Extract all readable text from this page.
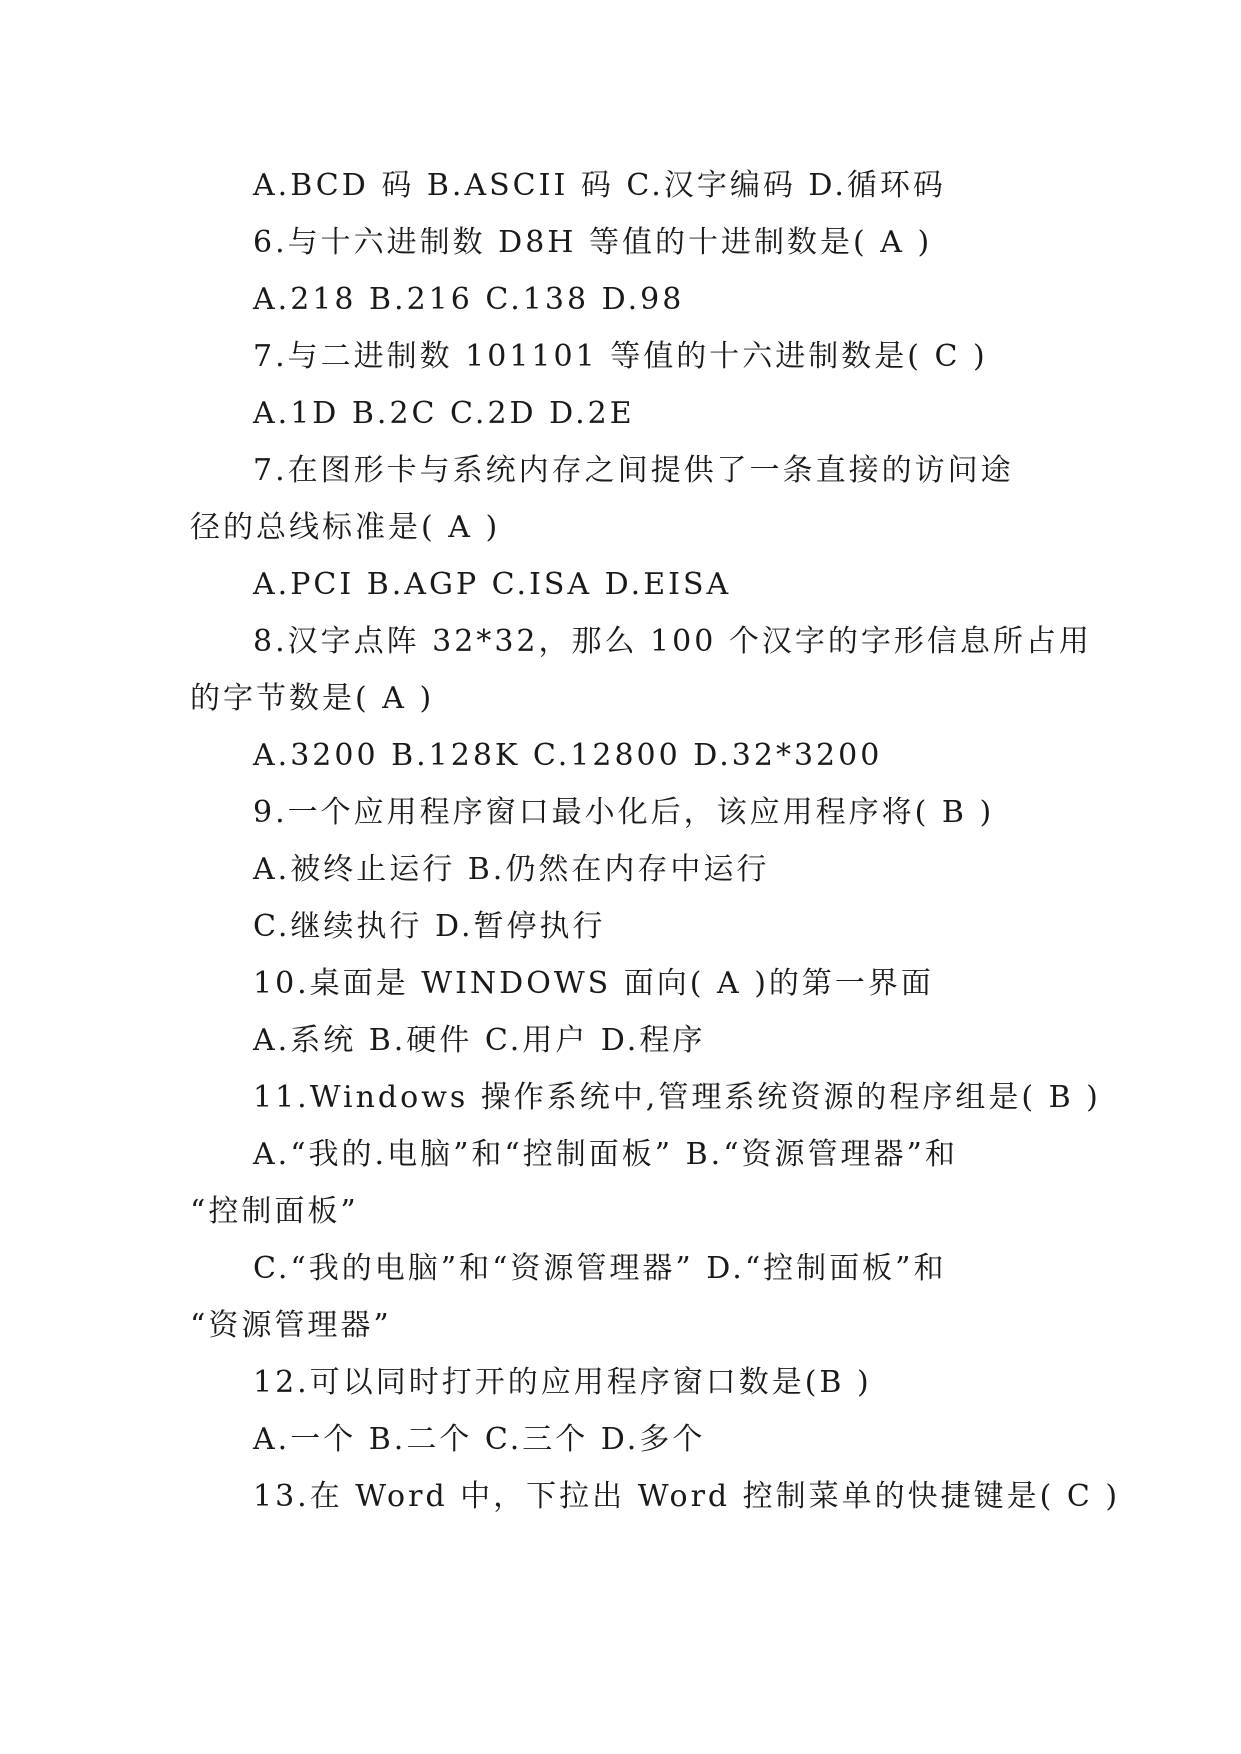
A.BCD 码 B.ASCII 码 C.汉字编码 D.循环码
6.与十六进制数 D8H 等值的十进制数是( A )
A.218 B.216 C.138 D.98
7.与二进制数 101101 等值的十六进制数是( C )
A.1D B.2C C.2D D.2E
7.在图形卡与系统内存之间提供了一条直接的访问途
径的总线标准是( A )
A.PCI B.AGP C.ISA D.EISA
8.汉字点阵 32*32，那么 100 个汉字的字形信息所占用
的字节数是( A )
A.3200 B.128K C.12800 D.32*3200
9.一个应用程序窗口最小化后，该应用程序将( B )
A.被终止运行 B.仍然在内存中运行
C.继续执行 D.暂停执行
10.桌面是 WINDOWS 面向( A )的第一界面
A.系统 B.硬件 C.用户 D.程序
11.Windows 操作系统中,管理系统资源的程序组是( B )
A.“我的.电脑”和“控制面板” B.“资源管理器”和
“控制面板”
C.“我的电脑”和“资源管理器” D.“控制面板”和
“资源管理器”
12.可以同时打开的应用程序窗口数是(B )
A.一个 B.二个 C.三个 D.多个
13.在 Word 中，下拉出 Word 控制菜单的快捷键是( C )
